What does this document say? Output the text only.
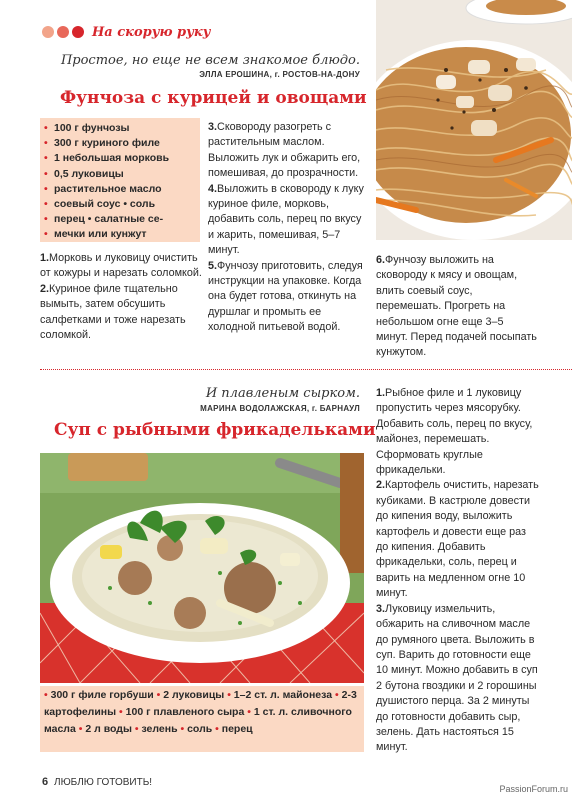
На скорую руку
Простое, но еще не всем знакомое блюдо.
ЭЛЛА ЕРОШИНА, г. РОСТОВ-НА-ДОНУ
Фунчоза с курицей и овощами
• 100 г фунчозы
• 300 г куриного филе
• 1 небольшая морковь
• 0,5 луковицы
• растительное масло
• соевый соус • соль
• перец • салатные се-
• мечки или кунжут

1.Морковь и луковицу очистить от кожуры и нарезать соломкой.

2.Куриное филе тщательно вымыть, затем обсушить салфетками и тоже нарезать соломкой.

3.Сковороду разогреть с растительным маслом. Выложить лук и обжарить его, помешивая, до прозрачности.

4.Выложить в сковороду к луку куриное филе, морковь, добавить соль, перец по вкусу и жарить, помешивая, 5–7 минут.

5.Фунчозу приготовить, следуя инструкции на упаковке. Когда она будет готова, откинуть на дуршлаг и промыть ее холодной питьевой водой.

6.Фунчозу выложить на сковороду к мясу и овощам, влить соевый соус, перемешать. Прогреть на небольшом огне еще 3–5 минут. Перед подачей посыпать кунжутом.

И плавленым сырком.
МАРИНА ВОДОЛАЖСКАЯ, г. БАРНАУЛ
Суп с рыбными фрикадельками
• 300 г филе горбуши • 2 луковицы • 1–2 ст. л. майонеза • 2-3 картофелины • 100 г плавленого сыра • 1 ст. л. сливочного масла • 2 л воды • зелень • соль • перец

1.Рыбное филе и 1 луковицу пропустить через мясорубку. Добавить соль, перец по вкусу, майонез, перемешать. Сформовать круглые фрикадельки.

2.Картофель очистить, нарезать кубиками. В кастрюле довести до кипения воду, выложить картофель и довести еще раз до кипения. Добавить фрикадельки, соль, перец и варить на медленном огне 10 минут.

3.Луковицу измельчить, обжарить на сливочном масле до румяного цвета. Выложить в суп. Варить до готовности еще 10 минут. Можно добавить в суп 2 бутона гвоздики и 2 горошины душистого перца. За 2 минуты до готовности добавить сыр, зелень. Дать настояться 15 минут.

6 ЛЮБЛЮ ГОТОВИТЬ!
PassionForum.ru
